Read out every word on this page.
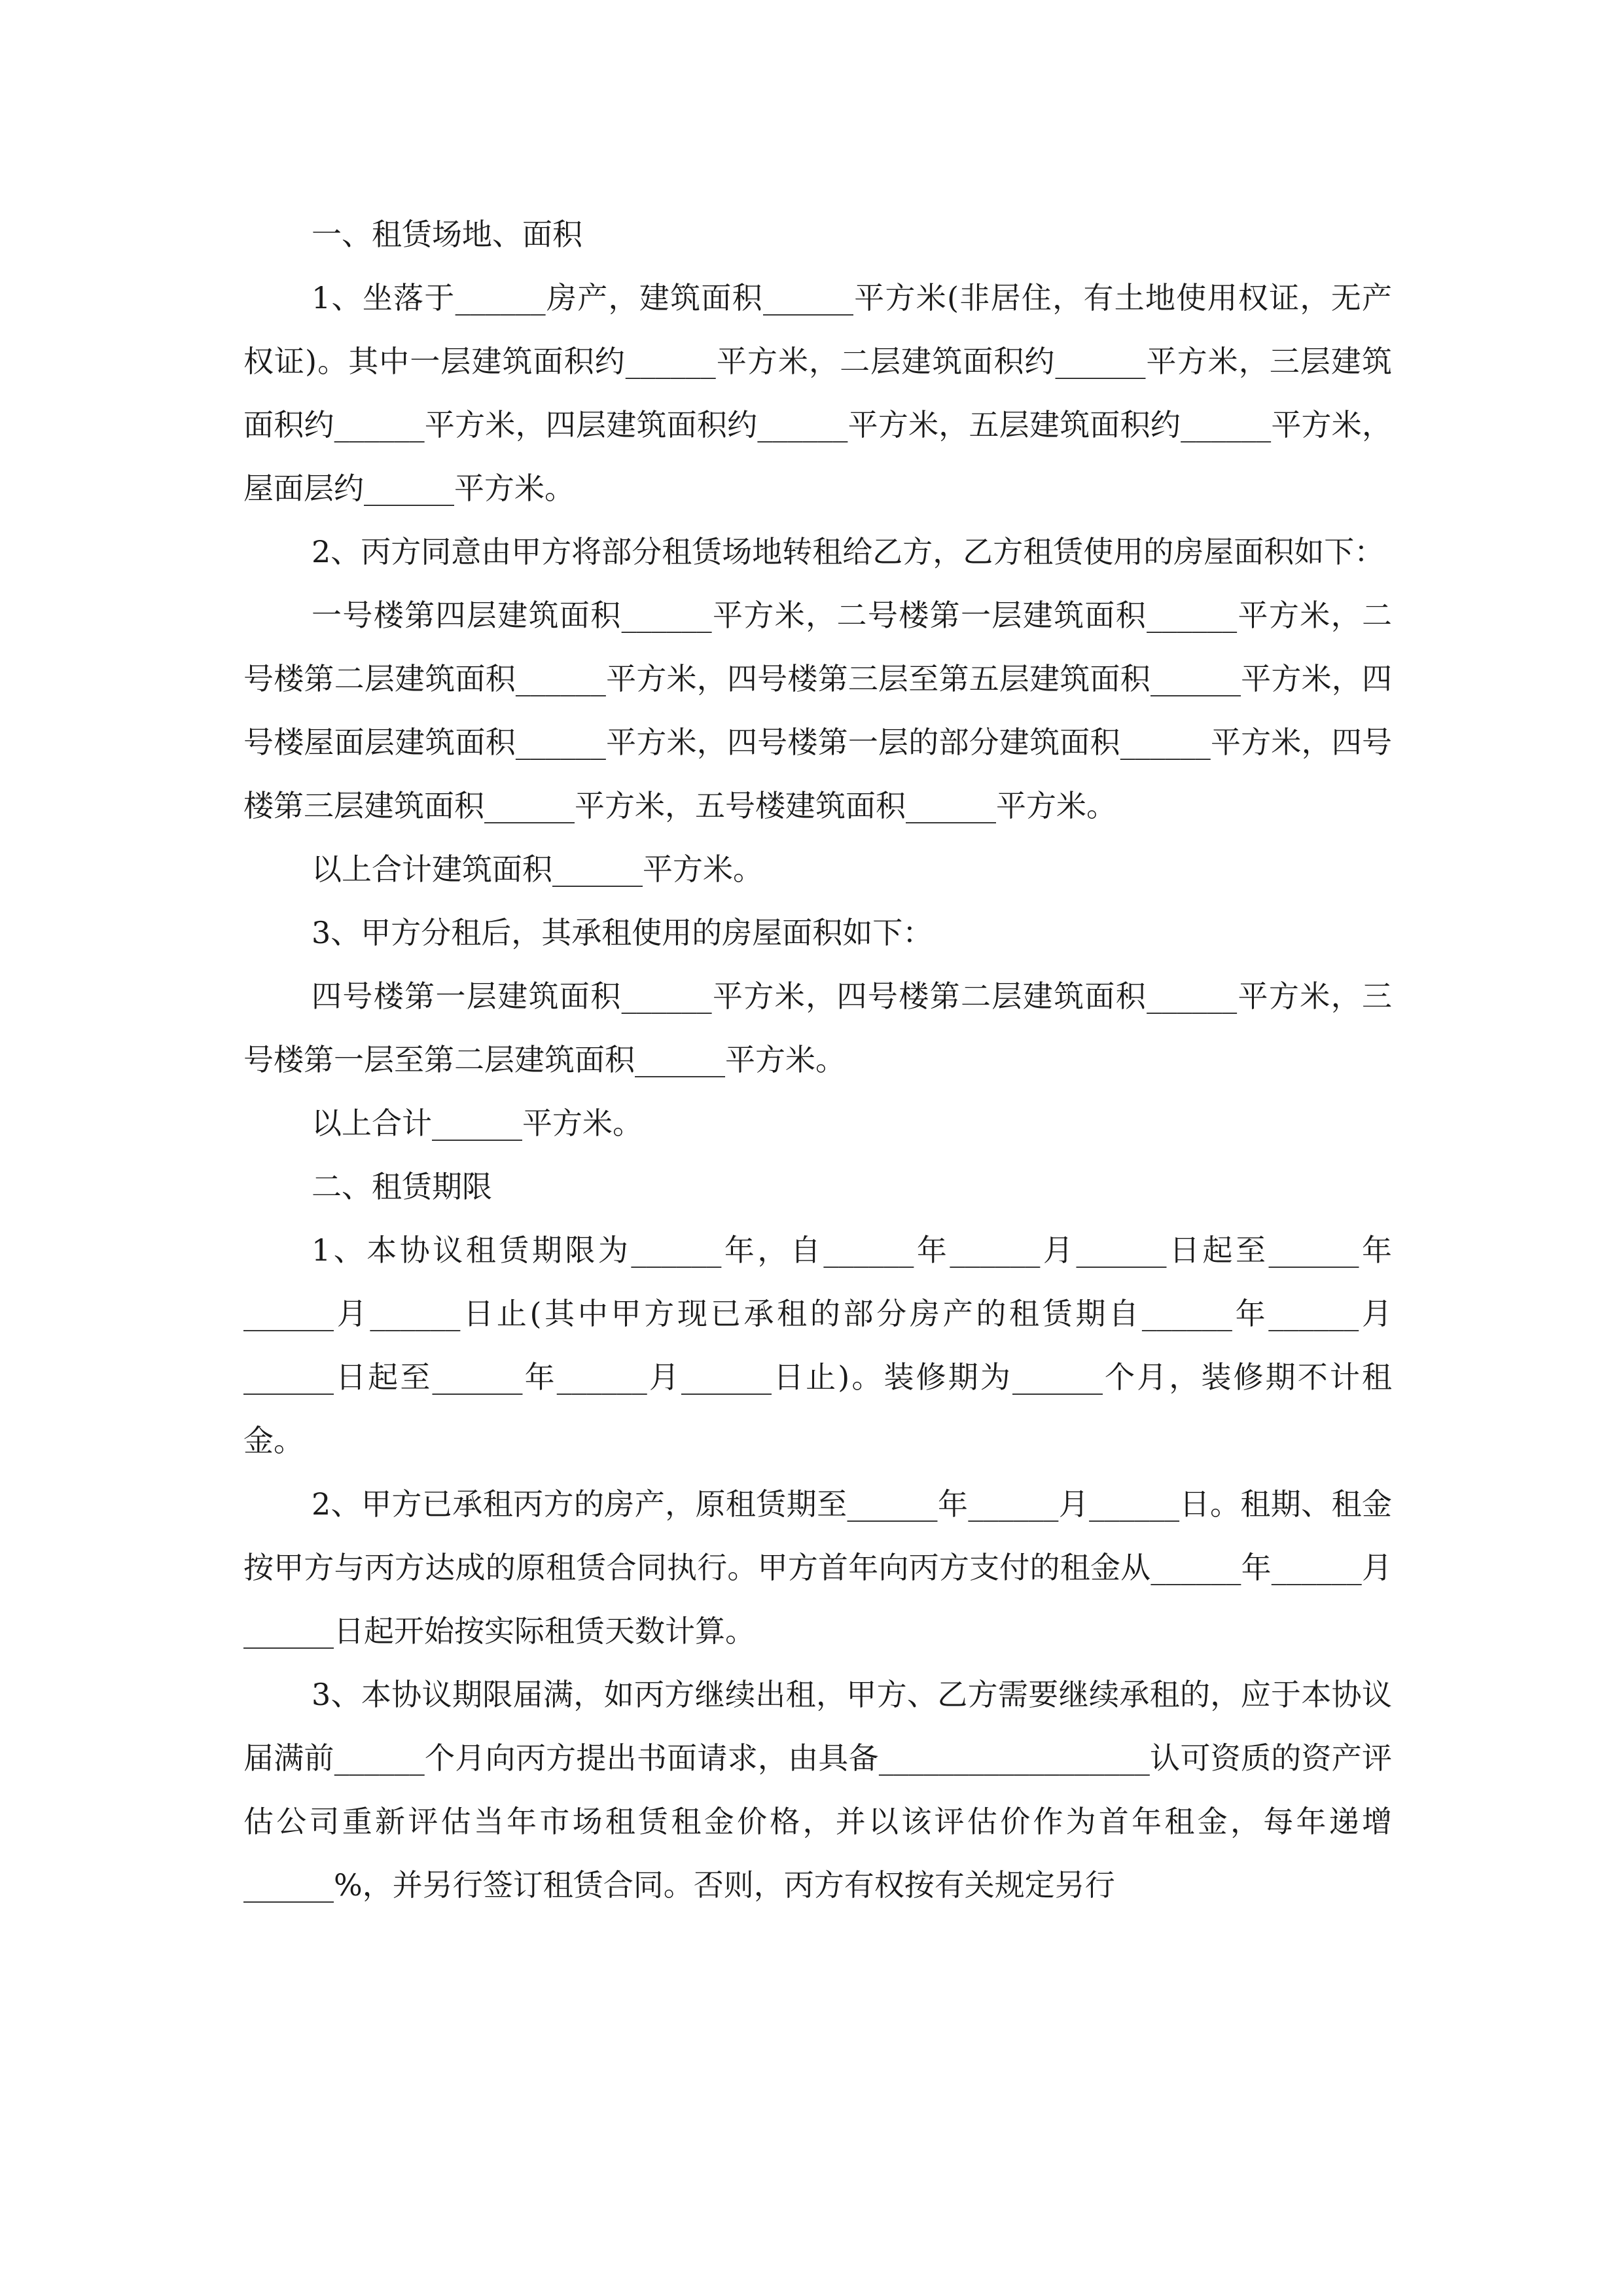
一、租赁场地、面积

1、坐落于______房产，建筑面积______平方米(非居住，有土地使用权证，无产权证)。其中一层建筑面积约______平方米，二层建筑面积约______平方米，三层建筑面积约______平方米，四层建筑面积约______平方米，五层建筑面积约______平方米，屋面层约______平方米。

2、丙方同意由甲方将部分租赁场地转租给乙方，乙方租赁使用的房屋面积如下：

一号楼第四层建筑面积______平方米，二号楼第一层建筑面积______平方米，二号楼第二层建筑面积______平方米，四号楼第三层至第五层建筑面积______平方米，四号楼屋面层建筑面积______平方米，四号楼第一层的部分建筑面积______平方米，四号楼第三层建筑面积______平方米，五号楼建筑面积______平方米。

以上合计建筑面积______平方米。

3、甲方分租后，其承租使用的房屋面积如下：

四号楼第一层建筑面积______平方米，四号楼第二层建筑面积______平方米，三号楼第一层至第二层建筑面积______平方米。

以上合计______平方米。

二、租赁期限

1、本协议租赁期限为______年，自______年______月______日起至______年______月______日止(其中甲方现已承租的部分房产的租赁期自______年______月______日起至______年______月______日止)。装修期为______个月，装修期不计租金。

2、甲方已承租丙方的房产，原租赁期至______年______月______日。租期、租金按甲方与丙方达成的原租赁合同执行。甲方首年向丙方支付的租金从______年______月______日起开始按实际租赁天数计算。

3、本协议期限届满，如丙方继续出租，甲方、乙方需要继续承租的，应于本协议届满前______个月向丙方提出书面请求，由具备__________________认可资质的资产评估公司重新评估当年市场租赁租金价格，并以该评估价作为首年租金，每年递增______%，并另行签订租赁合同。否则，丙方有权按有关规定另行
